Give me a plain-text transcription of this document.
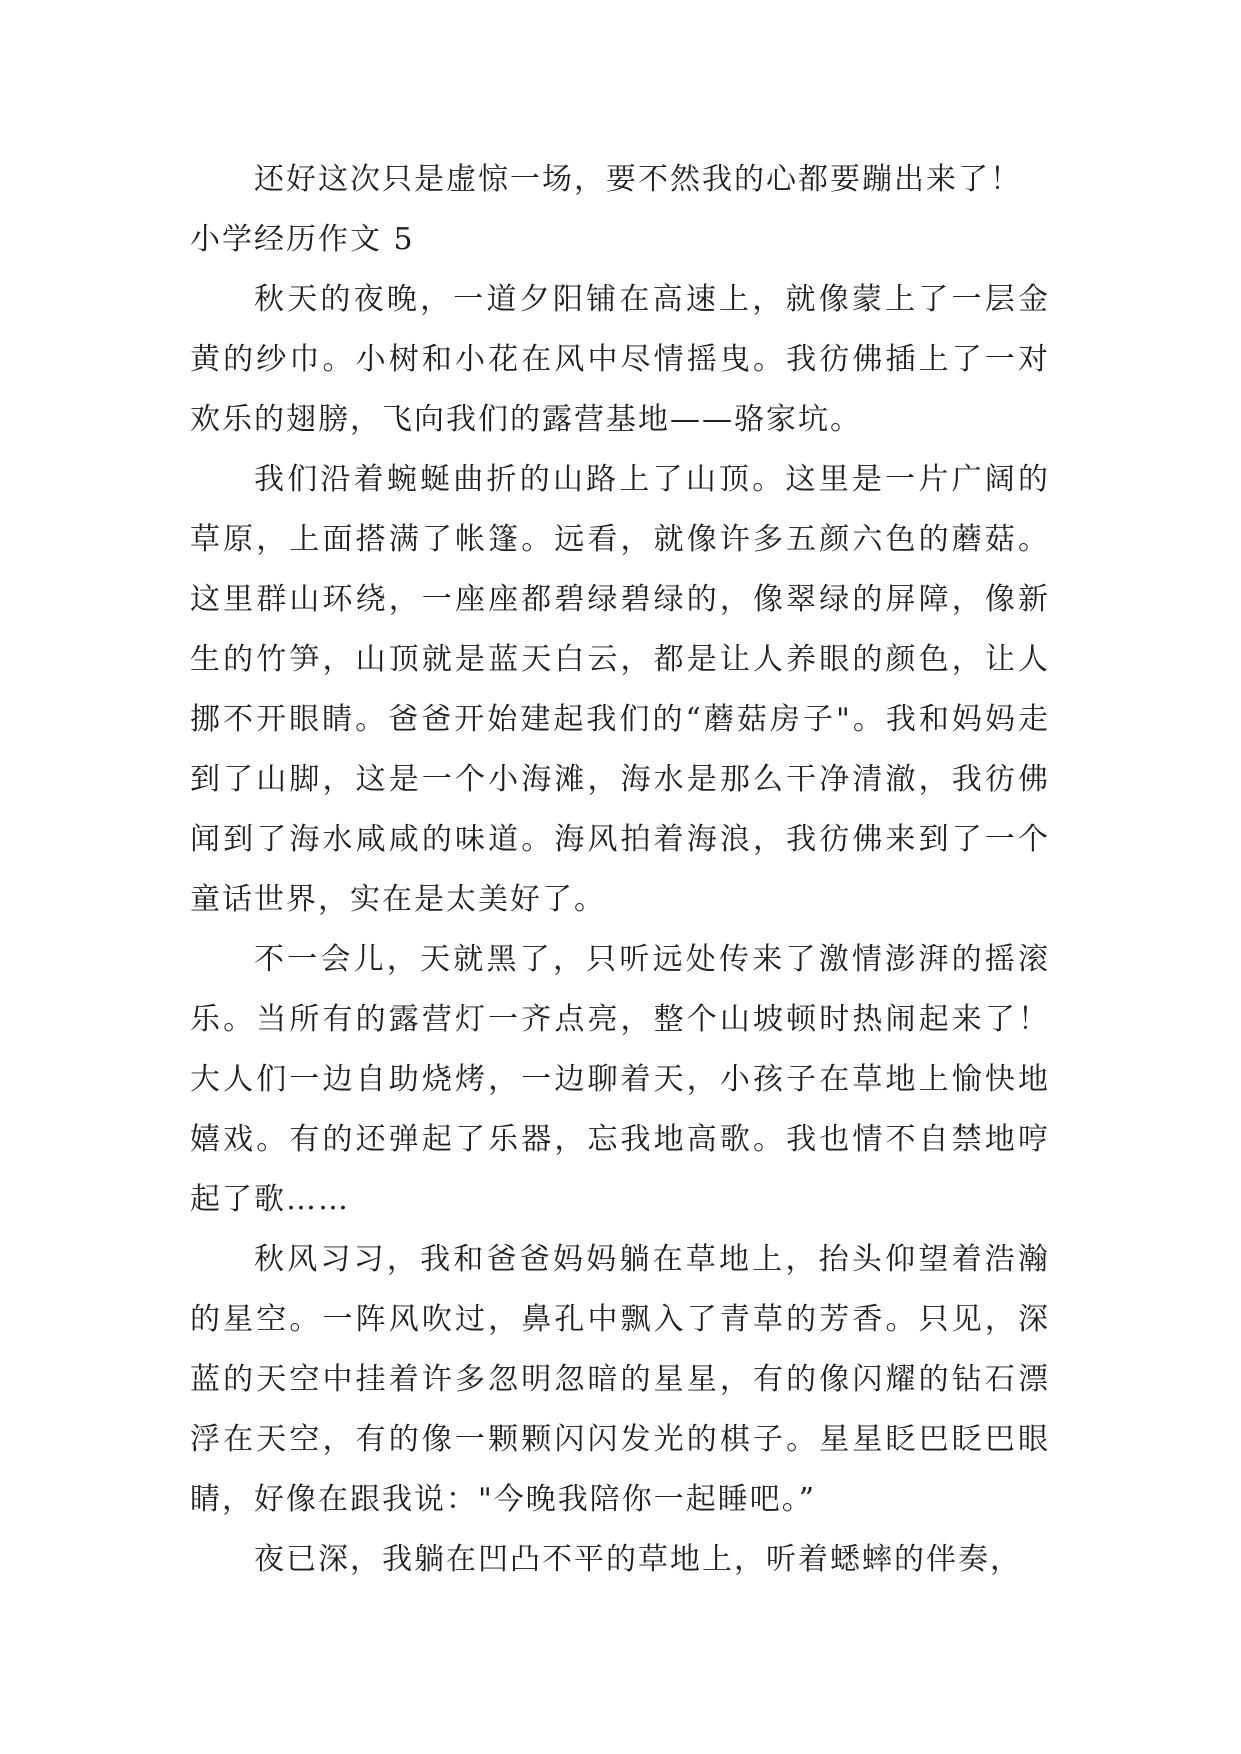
还好这次只是虚惊一场，要不然我的心都要蹦出来了！

小学经历作文 5

秋天的夜晚，一道夕阳铺在高速上，就像蒙上了一层金黄的纱巾。小树和小花在风中尽情摇曳。我彷佛插上了一对欢乐的翅膀，飞向我们的露营基地——骆家坑。

我们沿着蜿蜒曲折的山路上了山顶。这里是一片广阔的草原，上面搭满了帐篷。远看，就像许多五颜六色的蘑菇。这里群山环绕，一座座都碧绿碧绿的，像翠绿的屏障，像新生的竹笋，山顶就是蓝天白云，都是让人养眼的颜色，让人挪不开眼睛。爸爸开始建起我们的“蘑菇房子"。我和妈妈走到了山脚，这是一个小海滩，海水是那么干净清澈，我彷佛闻到了海水咸咸的味道。海风拍着海浪，我彷佛来到了一个童话世界，实在是太美好了。

不一会儿，天就黑了，只听远处传来了激情澎湃的摇滚乐。当所有的露营灯一齐点亮，整个山坡顿时热闹起来了！大人们一边自助烧烤，一边聊着天，小孩子在草地上愉快地嬉戏。有的还弹起了乐器，忘我地高歌。我也情不自禁地哼起了歌……

秋风习习，我和爸爸妈妈躺在草地上，抬头仰望着浩瀚的星空。一阵风吹过，鼻孔中飘入了青草的芳香。只见，深蓝的天空中挂着许多忽明忽暗的星星，有的像闪耀的钻石漂浮在天空，有的像一颗颗闪闪发光的棋子。星星眨巴眨巴眼睛，好像在跟我说："今晚我陪你一起睡吧。”

夜已深，我躺在凹凸不平的草地上，听着蟋蟀的伴奏，
